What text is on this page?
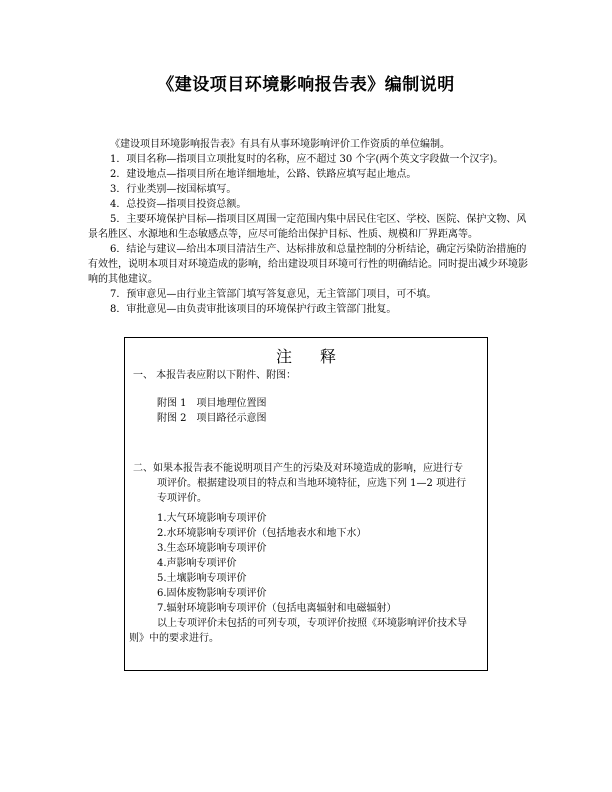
《建设项目环境影响报告表》编制说明

《建设项目环境影响报告表》有具有从事环境影响评价工作资质的单位编制。

1．项目名称—指项目立项批复时的名称，应不超过 30 个字(两个英文字段做一个汉字)。

2．建设地点—指项目所在地详细地址，公路、铁路应填写起止地点。

3．行业类别—按国标填写。

4．总投资—指项目投资总额。

5．主要环境保护目标—指项目区周围一定范围内集中居民住宅区、学校、医院、保护文物、风景名胜区、水源地和生态敏感点等，应尽可能给出保护目标、性质、规模和厂界距离等。

6．结论与建议—给出本项目清洁生产、达标排放和总量控制的分析结论，确定污染防治措施的有效性，说明本项目对环境造成的影响，给出建设项目环境可行性的明确结论。同时提出减少环境影响的其他建议。

7．预审意见—由行业主管部门填写答复意见，无主管部门项目，可不填。

8．审批意见—由负责审批该项目的环境保护行政主管部门批复。

注释
一、 本报告表应附以下附件、附图：
附图 1　项目地理位置图
附图 2　项目路径示意图
二、如果本报告表不能说明项目产生的污染及对环境造成的影响，应进行专
项评价。根据建设项目的特点和当地环境特征，应选下列 1—2 项进行
专项评价。
1.大气环境影响专项评价
2.水环境影响专项评价（包括地表水和地下水）
3.生态环境影响专项评价
4.声影响专项评价
5.土壤影响专项评价
6.固体废物影响专项评价
7.辐射环境影响专项评价（包括电离辐射和电磁辐射）
以上专项评价未包括的可列专项，专项评价按照《环境影响评价技术导
则》中的要求进行。
